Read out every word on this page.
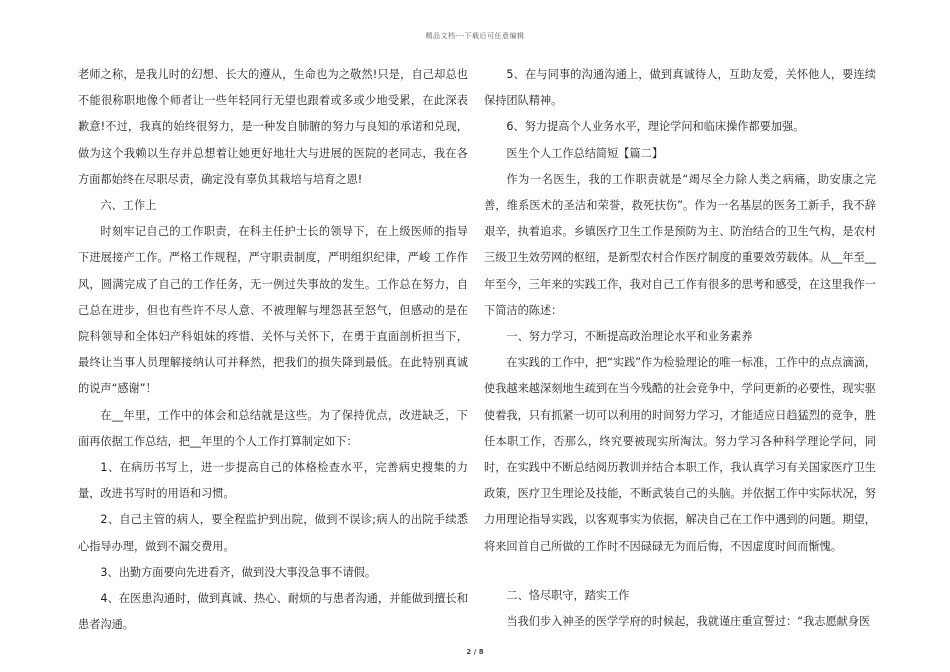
精品文档---下载后可任意编辑

老师之称，是我儿时的幻想、长大的遵从，生命也为之敬然!只是，自己却总也不能很称职地像个师者让一些年轻同行无望也跟着或多或少地受累，在此深表歉意!不过，我真的始终很努力，是一种发自肺腑的努力与良知的承诺和兑现，做为这个我赖以生存并总想着让她更好地壮大与进展的医院的老同志，我在各方面都始终在尽职尽责，确定没有辜负其栽培与培育之恩!

六、工作上

时刻牢记自己的工作职责，在科主任护士长的领导下，在上级医师的指导下进展接产工作。严格工作规程，严守职责制度，严明组织纪律，严峻 工作作风，圆满完成了自己的工作任务，无一例过失事故的发生。工作总在努力，自己总在进步，但也有些许不尽人意、不被理解与埋怨甚至怒气，但感动的是在院科领导和全体妇产科姐妹的疼惜、关怀与关怀下，在勇于直面剖析担当下，最终让当事人员理解接纳认可并释然，把我们的损失降到最低。在此特别真诚的说声“感谢”！

在__年里，工作中的体会和总结就是这些。为了保持优点，改进缺乏，下面再依据工作总结，把__年里的个人工作打算制定如下：

1、在病历书写上，进一步提高自己的体格检查水平，完善病史搜集的力量，改进书写时的用语和习惯。

2、自己主管的病人，要全程监护到出院，做到不误诊;病人的出院手续悉心指导办理，做到不漏交费用。

3、出勤方面要向先进看齐，做到没大事没急事不请假。

4、在医患沟通时，做到真诚、热心、耐烦的与患者沟通，并能做到擅长和患者沟通。

5、在与同事的沟通沟通上，做到真诚待人，互助友爱，关怀他人，要连续保持团队精神。

6、努力提高个人业务水平，理论学问和临床操作都要加强。

医生个人工作总结简短【篇二】

作为一名医生，我的工作职责就是“竭尽全力除人类之病痛，助安康之完善，维系医术的圣洁和荣誉，救死扶伤”。作为一名基层的医务工新手，我不辞艰辛，执着追求。乡镇医疗卫生工作是预防为主、防治结合的卫生气构，是农村三级卫生效劳网的枢纽，是新型农村合作医疗制度的重要效劳载体。从__年至__年至今，三年来的实践工作，我对自己工作有很多的思考和感受，在这里我作一下简洁的陈述：

一、努力学习，不断提高政治理论水平和业务素养

在实践的工作中，把“实践”作为检验理论的唯一标准，工作中的点点滴滴，使我越来越深刻地生疏到在当今残酷的社会竞争中，学问更新的必要性，现实驱使着我，只有抓紧一切可以利用的时间努力学习，才能适应日趋猛烈的竞争，胜任本职工作，否那么，终究要被现实所淘汰。努力学习各种科学理论学问，同时，在实践中不断总结阅历教训并结合本职工作，我认真学习有关国家医疗卫生政策，医疗卫生理论及技能，不断武装自己的头脑。并依据工作中实际状况，努力用理论指导实践，以客观事实为依据，解决自己在工作中遇到的问题。期望，将来回首自己所做的工作时不因碌碌无为而后悔，不因虚度时间而惭愧。

二、恪尽职守，踏实工作

当我们步入神圣的医学学府的时候起，我就谨庄重宣誓过：“我志愿献身医

2 / 8
